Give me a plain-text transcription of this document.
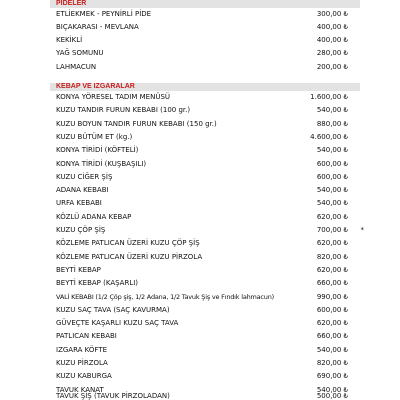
PİDELER
ETLİEKMEK - PEYNİRLİ PİDE	300,00 ₺
BIÇAKARASI - MEVLANA	400,00 ₺
KEKİKLİ	400,00 ₺
YAĞ SOMUNU	280,00 ₺
LAHMACUN	200,00 ₺
KEBAP VE IZGARALAR
KONYA YÖRESEL TADIM MENÜSÜ	1.600,00 ₺
KUZU TANDIR FURUN KEBABI (100 gr.)	540,00 ₺
KUZU BOYUN TANDIR FURUN KEBABI (150 gr.)	880,00 ₺
KUZU BÜTÜM ET (kg.)	4.600,00 ₺
KONYA TİRİDİ (KÖFTELİ)	540,00 ₺
KONYA TİRİDİ (KUŞBAŞILI)	600,00 ₺
KUZU CİĞER ŞİŞ	600,00 ₺
ADANA KEBABI	540,00 ₺
URFA KEBABI	540,00 ₺
KÖZLÜ ADANA KEBAP	620,00 ₺
KUZU ÇÖP ŞİŞ	700,00 ₺ *
KÖZLEME PATLICAN ÜZERİ KUZU ÇÖP ŞİŞ	620,00 ₺
KÖZLEME PATLICAN ÜZERİ KUZU PİRZOLA	820,00 ₺
BEYTİ KEBAP	620,00 ₺
BEYTİ KEBAP (KAŞARLI)	660,00 ₺
VALİ KEBABI (1/2 Çöp şiş, 1/2 Adana, 1/2 Tavuk Şiş ve Fındık lahmacun)	990,00 ₺
KUZU SAÇ TAVA (SAÇ KAVURMA)	600,00 ₺
GÜVEÇTE KAŞARLI KUZU SAÇ TAVA	620,00 ₺
PATLICAN KEBABI	660,00 ₺
IZGARA KÖFTE	540,00 ₺
KUZU PİRZOLA	820,00 ₺
KUZU KABURGA	690,00 ₺
TAVUK KANAT	540,00 ₺
TAVUK ŞİŞ (TAVUK PİRZOLADAN)	500,00 ₺
